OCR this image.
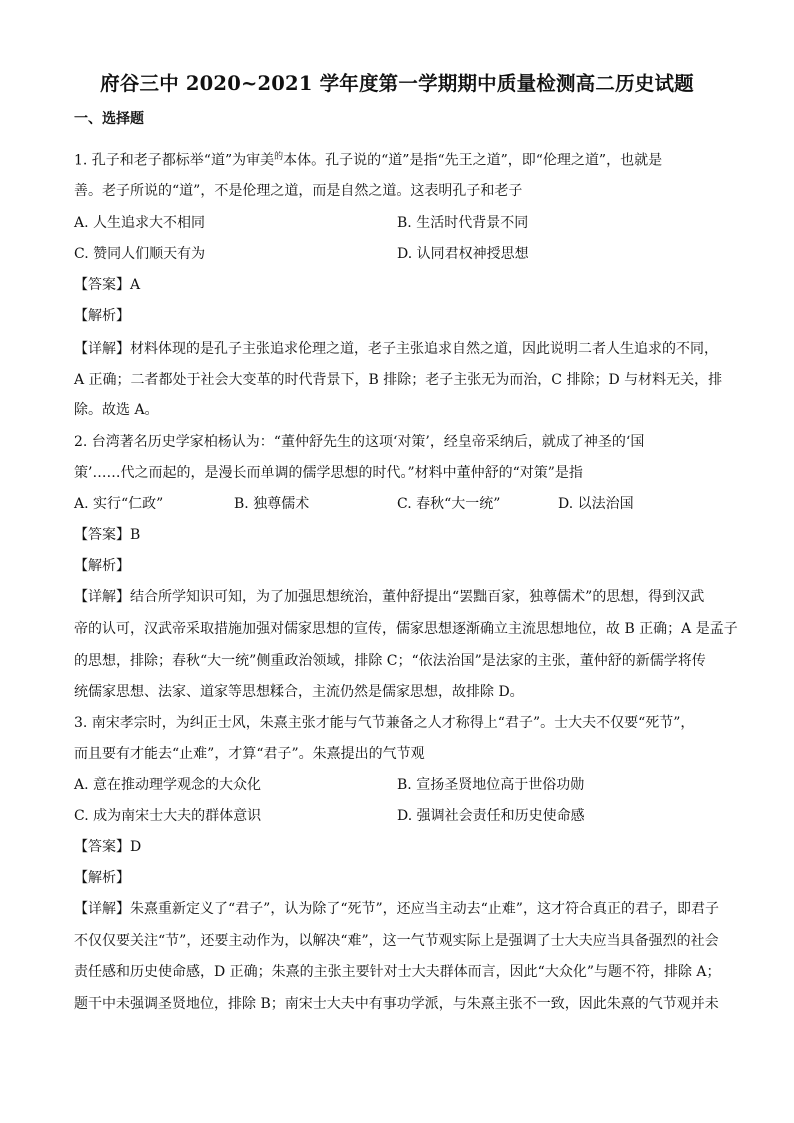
府谷三中 2020~2021 学年度第一学期期中质量检测高二历史试题
一、选择题
1. 孔子和老子都标举“道”为审美$^的$本体。孔子说的“道”是指“先王之道”，即“伦理之道”，也就是
善。老子所说的“道”，不是伦理之道，而是自然之道。这表明孔子和老子
A. 人生追求大不相同	B. 生活时代背景不同
C. 赞同人们顺天有为	D. 认同君权神授思想
【答案】A
【解析】
【详解】材料体现的是孔子主张追求伦理之道，老子主张追求自然之道，因此说明二者人生追求的不同，
A 正确；二者都处于社会大变革的时代背景下，B 排除；老子主张无为而治，C 排除；D 与材料无关，排
除。故选 A。
2. 台湾著名历史学家柏杨认为：“董仲舒先生的这项‘对策’，经皇帝采纳后，就成了神圣的‘国
策’……代之而起的，是漫长而单调的儒学思想的时代。”材料中董仲舒的“对策”是指
A. 实行“仁政”	B. 独尊儒术	C. 春秋“大一统”	D. 以法治国
【答案】B
【解析】
【详解】结合所学知识可知，为了加强思想统治，董仲舒提出“罢黜百家，独尊儒术”的思想，得到汉武
帝的认可，汉武帝采取措施加强对儒家思想的宣传，儒家思想逐渐确立主流思想地位，故 B 正确；A 是孟子
的思想，排除；春秋“大一统”侧重政治领域，排除 C；“依法治国”是法家的主张，董仲舒的新儒学将传
统儒家思想、法家、道家等思想糅合，主流仍然是儒家思想，故排除 D。
3. 南宋孝宗时，为纠正士风，朱熹主张才能与气节兼备之人才称得上“君子”。士大夫不仅要“死节”，
而且要有才能去“止难”，才算“君子”。朱熹提出的气节观
A. 意在推动理学观念的大众化	B. 宣扬圣贤地位高于世俗功勋
C. 成为南宋士大夫的群体意识	D. 强调社会责任和历史使命感
【答案】D
【解析】
【详解】朱熹重新定义了“君子”，认为除了“死节”，还应当主动去“止难”，这才符合真正的君子，即君子
不仅仅要关注“节”，还要主动作为，以解决“难”，这一气节观实际上是强调了士大夫应当具备强烈的社会
责任感和历史使命感，D 正确；朱熹的主张主要针对士大夫群体而言，因此“大众化”与题不符，排除 A；
题干中未强调圣贤地位，排除 B；南宋士大夫中有事功学派，与朱熹主张不一致，因此朱熹的气节观并未
